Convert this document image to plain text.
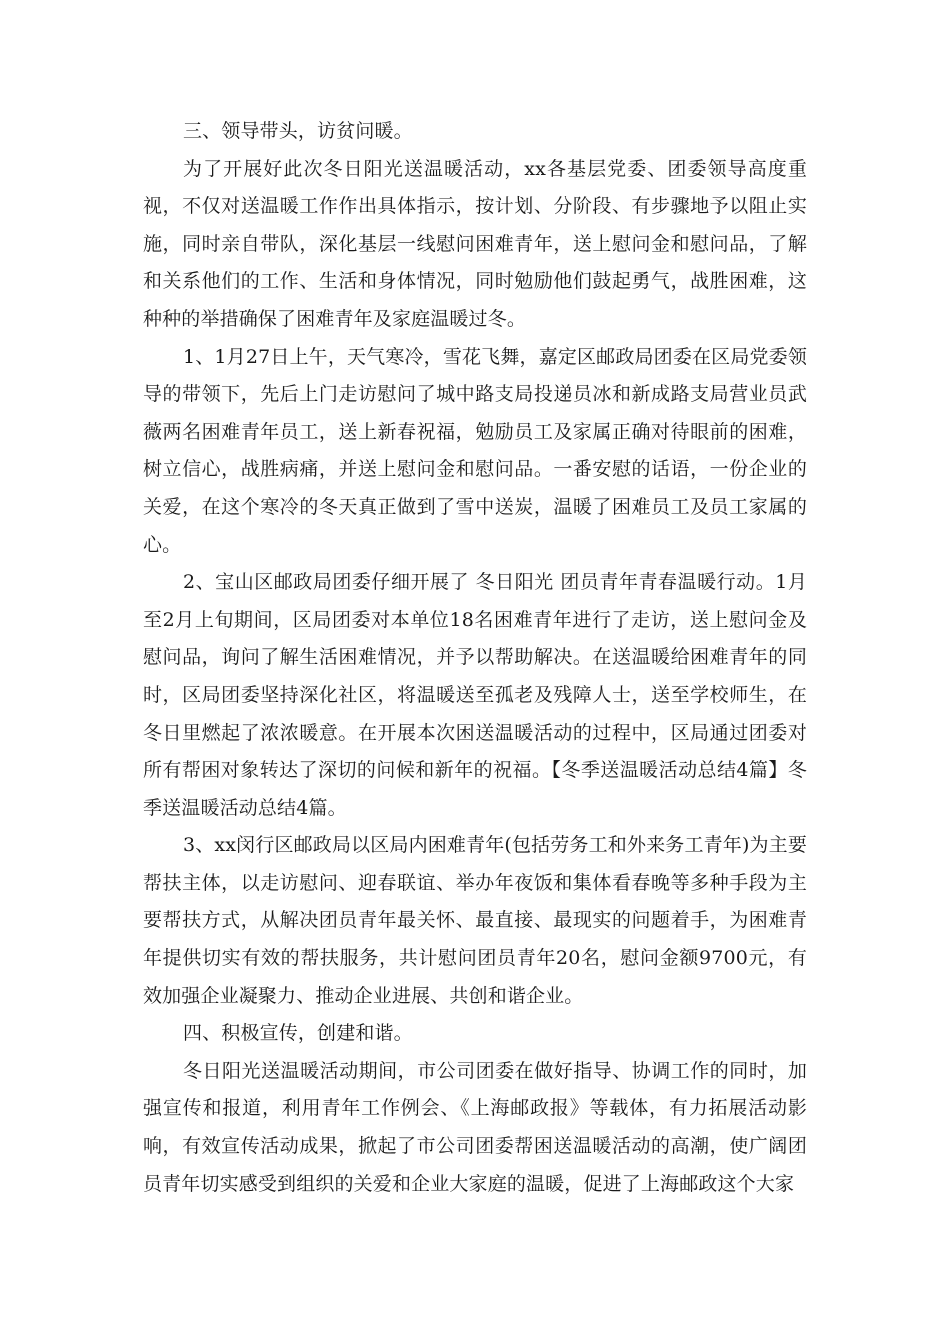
三、领导带头，访贫问暖。

为了开展好此次冬日阳光送温暖活动，xx各基层党委、团委领导高度重视，不仅对送温暖工作作出具体指示，按计划、分阶段、有步骤地予以阻止实施，同时亲自带队，深化基层一线慰问困难青年，送上慰问金和慰问品，了解和关系他们的工作、生活和身体情况，同时勉励他们鼓起勇气，战胜困难，这种种的举措确保了困难青年及家庭温暖过冬。

1、1月27日上午，天气寒冷，雪花飞舞，嘉定区邮政局团委在区局党委领导的带领下，先后上门走访慰问了城中路支局投递员冰和新成路支局营业员武薇两名困难青年员工，送上新春祝福，勉励员工及家属正确对待眼前的困难，树立信心，战胜病痛，并送上慰问金和慰问品。一番安慰的话语，一份企业的关爱，在这个寒冷的冬天真正做到了雪中送炭，温暖了困难员工及员工家属的心。

2、宝山区邮政局团委仔细开展了 冬日阳光 团员青年青春温暖行动。1月至2月上旬期间，区局团委对本单位18名困难青年进行了走访，送上慰问金及慰问品，询问了解生活困难情况，并予以帮助解决。在送温暖给困难青年的同时，区局团委坚持深化社区，将温暖送至孤老及残障人士，送至学校师生，在冬日里燃起了浓浓暖意。在开展本次困送温暖活动的过程中，区局通过团委对所有帮困对象转达了深切的问候和新年的祝福。【冬季送温暖活动总结4篇】冬季送温暖活动总结4篇。

3、xx闵行区邮政局以区局内困难青年(包括劳务工和外来务工青年)为主要帮扶主体，以走访慰问、迎春联谊、举办年夜饭和集体看春晚等多种手段为主要帮扶方式，从解决团员青年最关怀、最直接、最现实的问题着手，为困难青年提供切实有效的帮扶服务，共计慰问团员青年20名，慰问金额9700元，有效加强企业凝聚力、推动企业进展、共创和谐企业。

四、积极宣传，创建和谐。

冬日阳光送温暖活动期间，市公司团委在做好指导、协调工作的同时，加强宣传和报道，利用青年工作例会、《上海邮政报》等载体，有力拓展活动影响，有效宣传活动成果，掀起了市公司团委帮困送温暖活动的高潮，使广阔团员青年切实感受到组织的关爱和企业大家庭的温暖，促进了上海邮政这个大家
